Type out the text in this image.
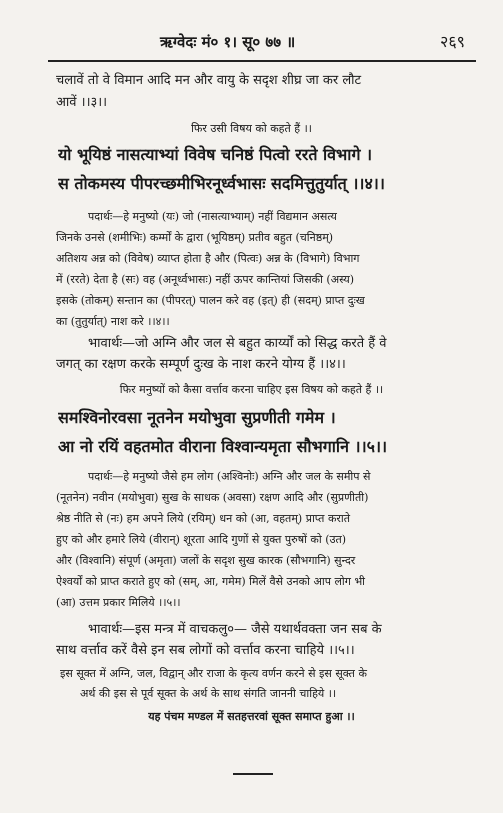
ऋग्वेदः मं० १। सू० ७७ ॥	२६९
चलावें तो वे विमान आदि मन और वायु के सदृश शीघ्र जा कर लौट
आवें ।।३।।
फिर उसी विषय को कहते हैं ।।
यो भूयिष्ठं नासत्याभ्यां विवेष चनिष्ठं पित्वो ररते विभागे ।
स तोकमस्य पीपरच्छमीभिरनूर्ध्वभासः सदमित्तुतुर्यात् ।।४।।
पदार्थः—हे मनुष्यो (यः) जो (नासत्याभ्याम्) नहीं विद्यमान असत्य
जिनके उनसे (शमीभिः) कर्म्मों के द्वारा (भूयिष्ठम्) प्रतीव बहुत (चनिष्ठम्)
अतिशय अन्न को (विवेष) व्याप्त होता है और (पित्वः) अन्न के (विभागे) विभाग
में (ररते) देता है (सः) वह (अनूर्ध्वभासः) नहीं ऊपर कान्तियां जिसकी (अस्य)
इसके (तोकम्) सन्तान का (पीपरत्) पालन करे वह (इत्) ही (सदम्) प्राप्त दुःख
का (तुतुर्यात्) नाश करे ।।४।।
भावार्थः—जो अग्नि और जल से बहुत कार्य्यों को सिद्ध करते हैं वे
जगत् का रक्षण करके सम्पूर्ण दुःख के नाश करने योग्य हैं ।।४।।
फिर मनुष्यों को कैसा वर्त्ताव करना चाहिए इस विषय को कहते हैं ।।
समश्विनोरवसा नूतनेन मयोभुवा सुप्रणीती गमेम ।
आ नो रयिं वहतमोत वीराना विश्वान्यमृता सौभगानि ।।५।।
पदार्थः—हे मनुष्यो जैसे हम लोग (अश्विनोः) अग्नि और जल के समीप से
(नूतनेन) नवीन (मयोभुवा) सुख के साधक (अवसा) रक्षण आदि और (सुप्रणीती)
श्रेष्ठ नीति से (नः) हम अपने लिये (रयिम्) धन को (आ, वहतम्) प्राप्त कराते
हुए को और हमारे लिये (वीरान्) शूरता आदि गुणों से युक्त पुरुषों को (उत)
और (विश्वानि) संपूर्ण (अमृता) जलों के सदृश सुख कारक (सौभगानि) सुन्दर
ऐश्वर्यों को प्राप्त कराते हुए को (सम्, आ, गमेम) मिलें वैसे उनको आप लोग भी
(आ) उत्तम प्रकार मिलिये ।।५।।
भावार्थः—इस मन्त्र में वाचकलु०— जैसे यथार्थवक्ता जन सब के
साथ वर्त्ताव करें वैसे इन सब लोगों को वर्त्ताव करना चाहिये ।।५।।
इस सूक्त में अग्नि, जल, विद्वान् और राजा के कृत्य वर्णन करने से इस सूक्त के
अर्थ की इस से पूर्व सूक्त के अर्थ के साथ संगति जाननी चाहिये ।।
यह पंचम मण्डल में सतहत्तरवां सूक्त समाप्त हुआ ।।
